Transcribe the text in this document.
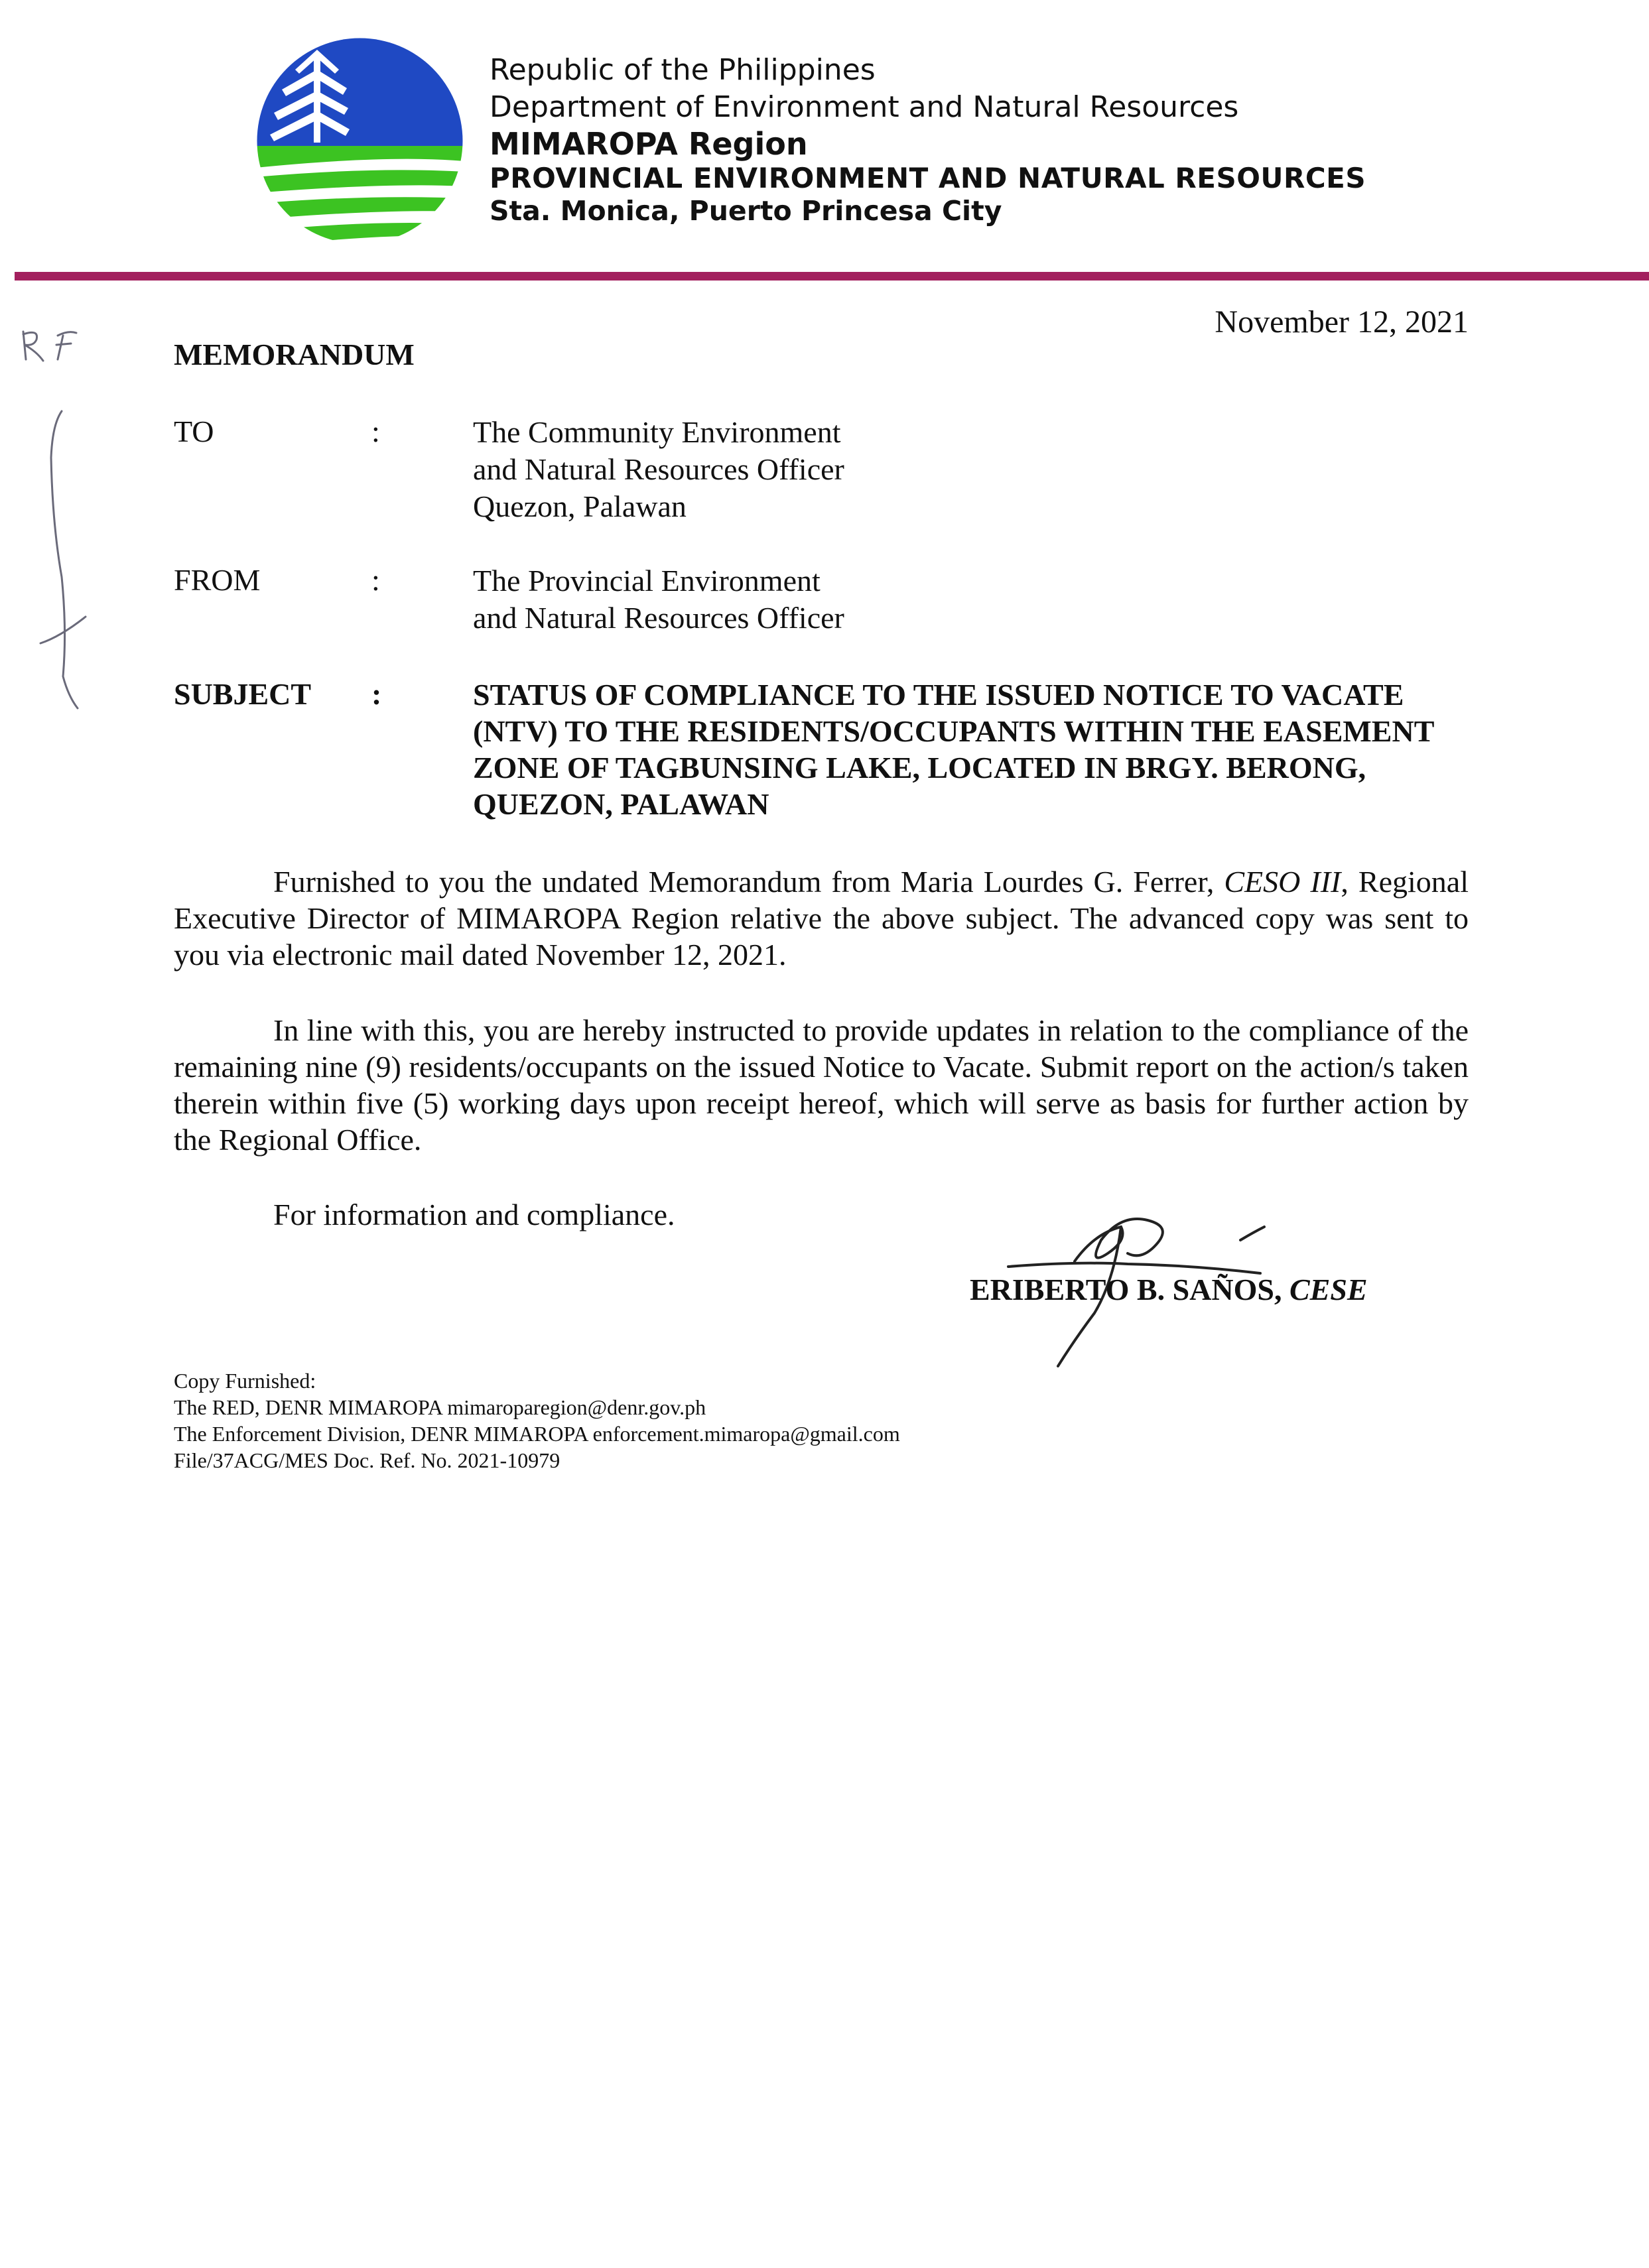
Republic of the Philippines
Department of Environment and Natural Resources
MIMAROPA Region
PROVINCIAL ENVIRONMENT AND NATURAL RESOURCES
Sta. Monica, Puerto Princesa City
November 12, 2021
MEMORANDUM
TO	:	The Community Environment
and Natural Resources Officer
Quezon, Palawan
FROM	:	The Provincial Environment
and Natural Resources Officer
SUBJECT :	STATUS OF COMPLIANCE TO THE ISSUED NOTICE TO VACATE (NTV) TO THE RESIDENTS/OCCUPANTS WITHIN THE EASEMENT ZONE OF TAGBUNSING LAKE, LOCATED IN BRGY. BERONG, QUEZON, PALAWAN

Furnished to you the undated Memorandum from Maria Lourdes G. Ferrer, CESO III, Regional Executive Director of MIMAROPA Region relative the above subject. The advanced copy was sent to you via electronic mail dated November 12, 2021.

In line with this, you are hereby instructed to provide updates in relation to the compliance of the remaining nine (9) residents/occupants on the issued Notice to Vacate. Submit report on the action/s taken therein within five (5) working days upon receipt hereof, which will serve as basis for further action by the Regional Office.

For information and compliance.

ERIBERTO B. SAÑOS, CESE
Copy Furnished:
The RED, DENR MIMAROPA mimaroparegion@denr.gov.ph
The Enforcement Division, DENR MIMAROPA enforcement.mimaropa@gmail.com
File/37ACG/MES Doc. Ref. No. 2021-10979
